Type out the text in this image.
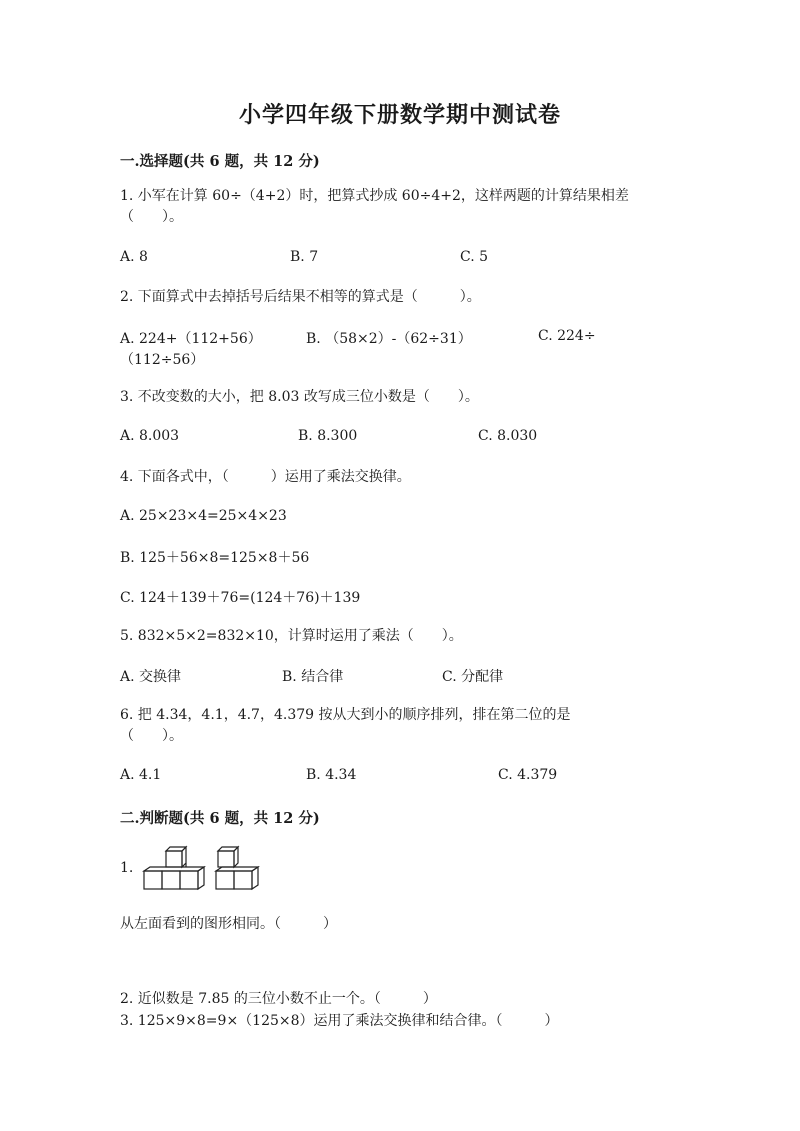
小学四年级下册数学期中测试卷
一.选择题(共 6 题，共 12 分)
1. 小军在计算 60÷（4+2）时，把算式抄成 60÷4+2，这样两题的计算结果相差
（　　）。
A. 8	B. 7	C. 5
2. 下面算式中去掉括号后结果不相等的算式是（　　　）。
A. 224+（112+56）	B. （58×2）-（62÷31）	C. 224÷
（112÷56）
3. 不改变数的大小，把 8.03 改写成三位小数是（　　）。
A. 8.003	B. 8.300	C. 8.030
4. 下面各式中，（　　　）运用了乘法交换律。
A. 25×23×4=25×4×23
B. 125＋56×8=125×8＋56
C. 124＋139＋76=(124＋76)＋139
5. 832×5×2=832×10，计算时运用了乘法（　　）。
A. 交换律	B. 结合律	C. 分配律
6. 把 4.34，4.1，4.7，4.379 按从大到小的顺序排列，排在第二位的是
（　　）。
A. 4.1	B. 4.34	C. 4.379
二.判断题(共 6 题，共 12 分)
1.
从左面看到的图形相同。（　　　）
2. 近似数是 7.85 的三位小数不止一个。（　　　）
3. 125×9×8=9×（125×8）运用了乘法交换律和结合律。（　　　）
